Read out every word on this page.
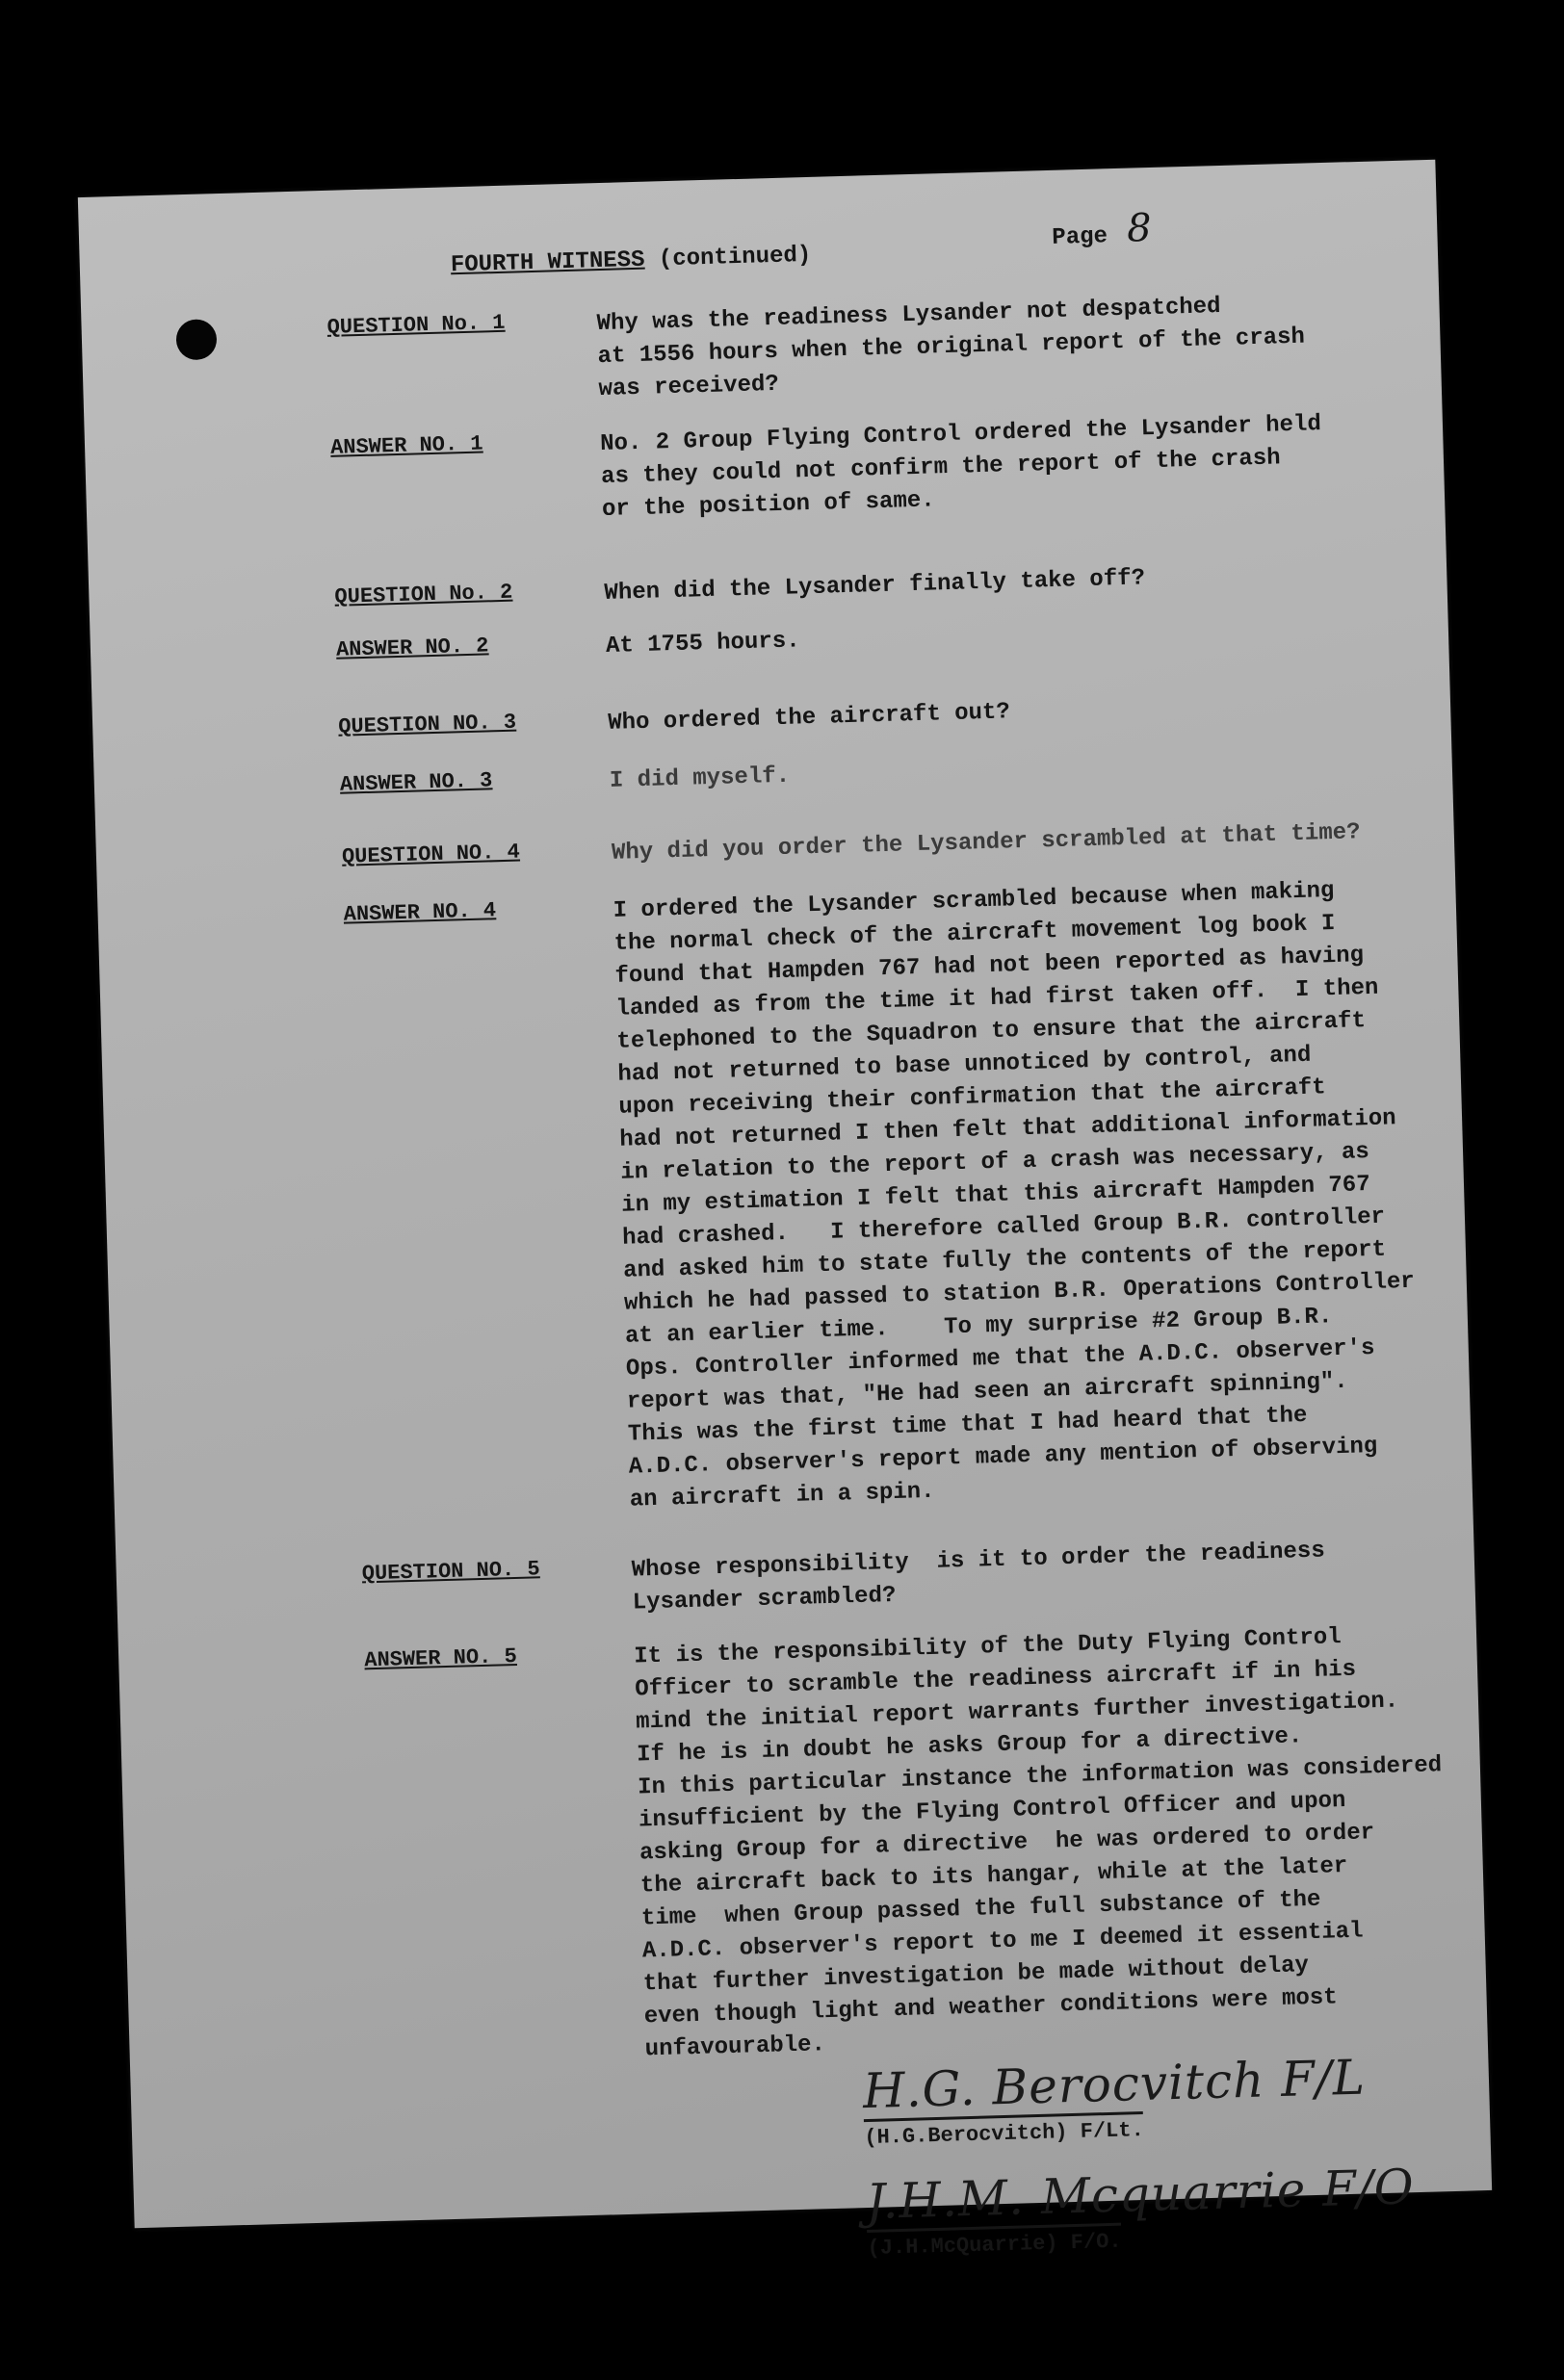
FOURTH WITNESS (continued)
Page 8
QUESTION No. 1	Why was the readiness Lysander not despatched
at 1556 hours when the original report of the crash
was received?
ANSWER NO. 1	No. 2 Group Flying Control ordered the Lysander held
as they could not confirm the report of the crash
or the position of same.
QUESTION No. 2	When did the Lysander finally take off?
ANSWER NO. 2	At 1755 hours.
QUESTION NO. 3	Who ordered the aircraft out?
ANSWER NO. 3	I did myself.
QUESTION NO. 4	Why did you order the Lysander scrambled at that time?
ANSWER NO. 4	I ordered the Lysander scrambled because when making
the normal check of the aircraft movement log book I
found that Hampden 767 had not been reported as having
landed as from the time it had first taken off.  I then
telephoned to the Squadron to ensure that the aircraft
had not returned to base unnoticed by control, and
upon receiving their confirmation that the aircraft
had not returned I then felt that additional information
in relation to the report of a crash was necessary, as
in my estimation I felt that this aircraft Hampden 767
had crashed.   I therefore called Group B.R. controller
and asked him to state fully the contents of the report
which he had passed to station B.R. Operations Controller
at an earlier time.    To my surprise #2 Group B.R.
Ops. Controller informed me that the A.D.C. observer's
report was that, "He had seen an aircraft spinning".
This was the first time that I had heard that the
A.D.C. observer's report made any mention of observing
an aircraft in a spin.
QUESTION NO. 5	Whose responsibility  is it to order the readiness
Lysander scrambled?
ANSWER NO. 5	It is the responsibility of the Duty Flying Control
Officer to scramble the readiness aircraft if in his
mind the initial report warrants further investigation.
If he is in doubt he asks Group for a directive.
In this particular instance the information was considered
insufficient by the Flying Control Officer and upon
asking Group for a directive  he was ordered to order
the aircraft back to its hangar, while at the later
time  when Group passed the full substance of the
A.D.C. observer's report to me I deemed it essential
that further investigation be made without delay
even though light and weather conditions were most
unfavourable.
H.G. Berocvitch F/L
(H.G.Berocvitch) F/Lt.
J.H.M. Mcquarrie F/O
(J.H.McQuarrie) F/O.
